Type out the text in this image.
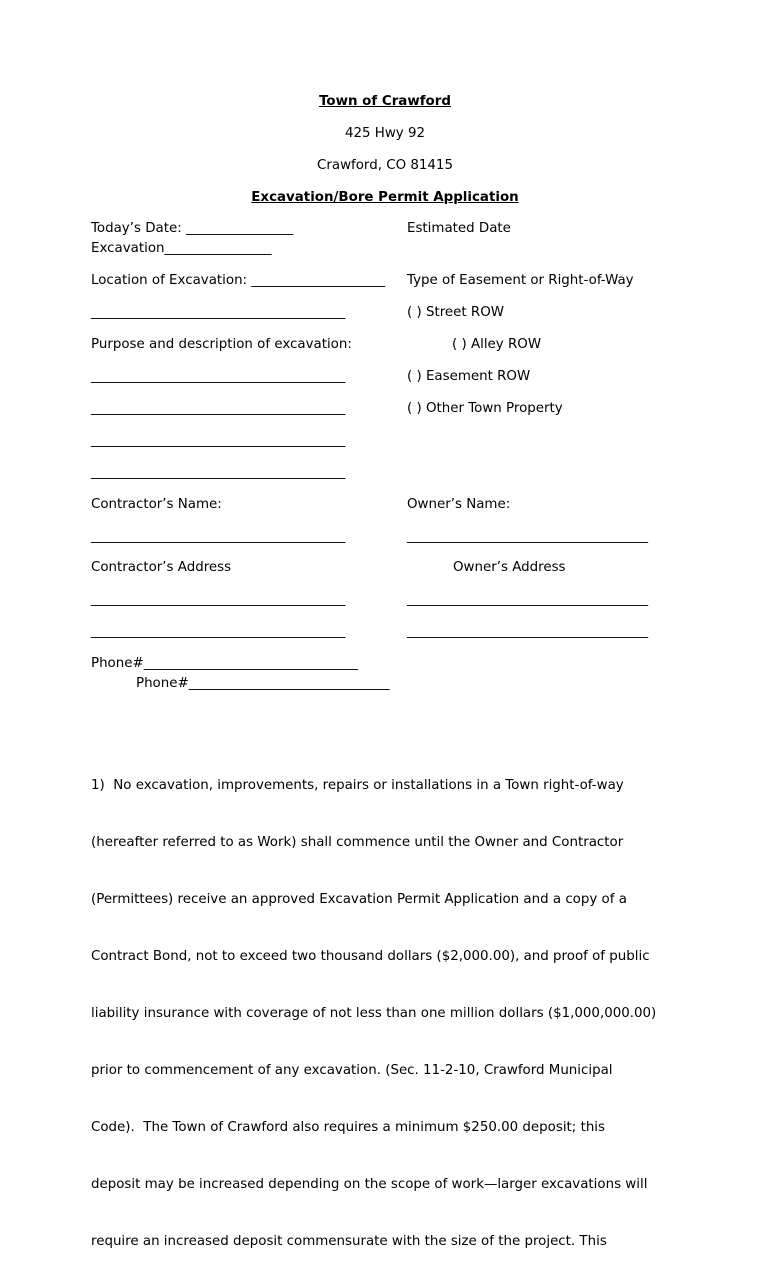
Town of Crawford
425 Hwy 92
Crawford, CO 81415
Excavation/Bore Permit Application
Today’s Date: ________________
Excavation________________
Location of Excavation: ____________________
______________________________________
Purpose and description of excavation:
______________________________________
______________________________________
______________________________________
______________________________________
Contractor’s Name:
______________________________________
Contractor’s Address
______________________________________
______________________________________
Phone#________________________________
Phone#______________________________
Estimated Date
Type of Easement or Right-of-Way
( ) Street ROW
( ) Alley ROW
( ) Easement ROW
( ) Other Town Property
Owner’s Name:
____________________________________
Owner’s Address
____________________________________
____________________________________

1)  No excavation, improvements, repairs or installations in a Town right-of-way

(hereafter referred to as Work) shall commence until the Owner and Contractor

(Permittees) receive an approved Excavation Permit Application and a copy of a

Contract Bond, not to exceed two thousand dollars ($2,000.00), and proof of public

liability insurance with coverage of not less than one million dollars ($1,000,000.00)

prior to commencement of any excavation. (Sec. 11-2-10, Crawford Municipal

Code).  The Town of Crawford also requires a minimum $250.00 deposit; this

deposit may be increased depending on the scope of work—larger excavations will

require an increased deposit commensurate with the size of the project. This
